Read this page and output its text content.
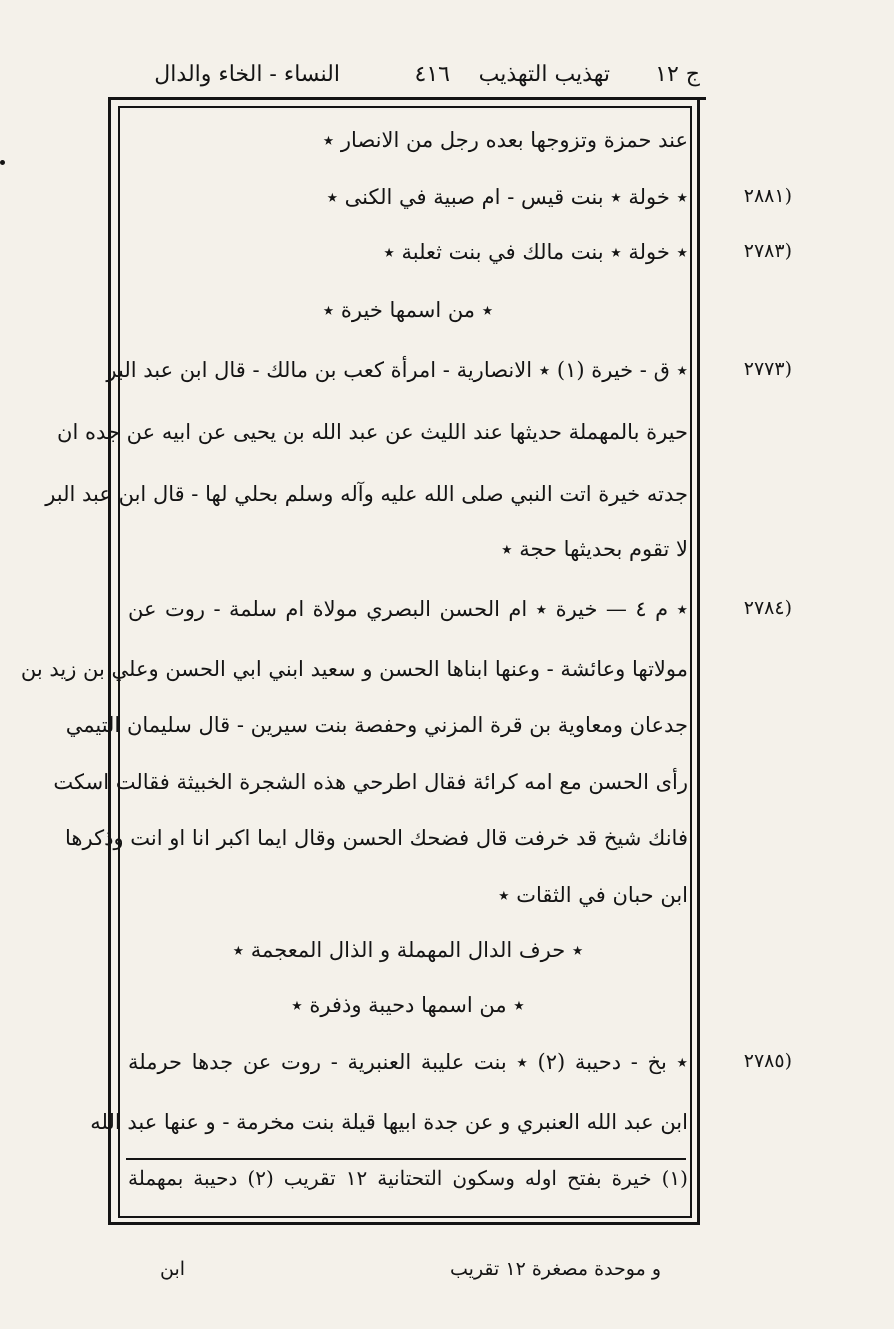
ج ١٢
تهذيب التهذيب
٤١٦
النساء - الخاء والدال
عند حمزة وتزوجها بعده رجل من الانصار ٭
٭ خولة ٭ بنت قيس - ام صبية في الكنى ٭	(٢٨٨١
٭ خولة ٭ بنت مالك في بنت ثعلبة ٭	(٢٧٨٣
٭ ق - خيرة (١) ٭ الانصارية - امرأة كعب بن مالك - قال ابن عبد البر	(٢٧٧٣
حيرة بالمهملة حديثها عند الليث عن عبد الله بن يحيى عن ابيه عن جده ان
جدته خيرة اتت النبي صلى الله عليه وآله وسلم بحلي لها - قال ابن عبد البر
لا تقوم بحديثها حجة ٭
٭ م ٤ — خيرة ٭ ام الحسن البصري مولاة ام سلمة - روت عن	(٢٧٨٤
مولاتها وعائشة - وعنها ابناها الحسن و سعيد ابني ابي الحسن وعلي بن زيد بن
جدعان ومعاوية بن قرة المزني وحفصة بنت سيرين - قال سليمان التيمي
رأى الحسن مع امه كرائة فقال اطرحي هذه الشجرة الخبيثة فقالت اسكت
فانك شيخ قد خرفت قال فضحك الحسن وقال ايما اكبر انا او انت وذكرها
ابن حبان في الثقات ٭
٭ بخ - دحيبة (٢) ٭ بنت عليبة العنبرية - روت عن جدها حرملة	(٢٧٨٥
ابن عبد الله العنبري و عن جدة ابيها قيلة بنت مخرمة - و عنها عبد الله
٭ من اسمها خيرة ٭
٭ حرف الدال المهملة و الذال المعجمة ٭
٭ من اسمها دحيبة وذفرة ٭
(١) خيرة بفتح اوله وسكون التحتانية ١٢ تقريب (٢) دحيبة بمهملة
ابن	و موحدة مصغرة ١٢ تقريب
